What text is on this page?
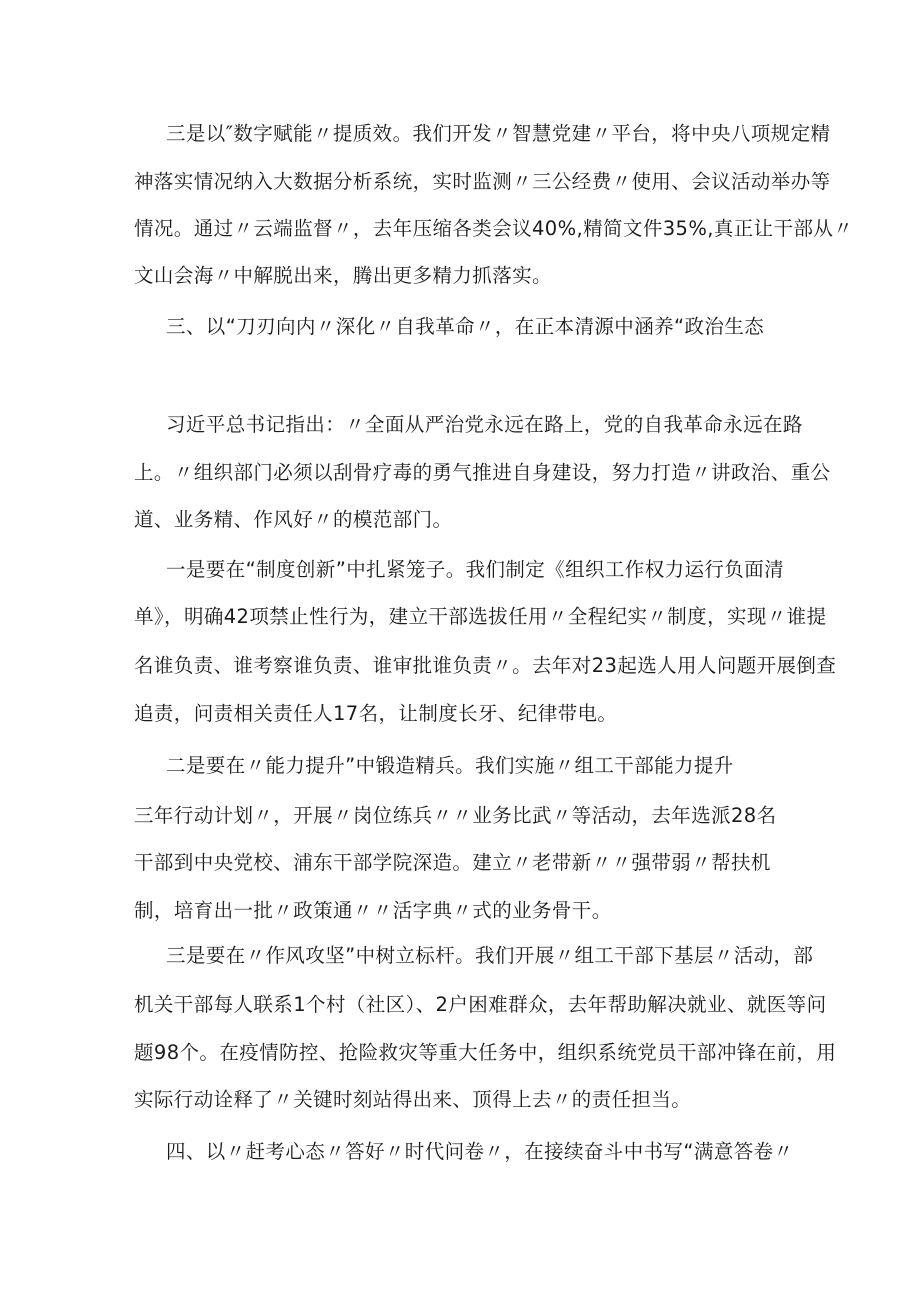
三是以″数字赋能〃提质效。我们开发〃智慧党建〃平台，将中央八项规定精

神落实情况纳入大数据分析系统，实时监测〃三公经费〃使用、会议活动举办等

情况。通过〃云端监督〃，去年压缩各类会议40%,精简文件35%,真正让干部从〃

文山会海〃中解脱出来，腾出更多精力抓落实。

三、以“刀刃向内〃深化〃自我革命〃，在正本清源中涵养“政治生态

习近平总书记指出：〃全面从严治党永远在路上，党的自我革命永远在路

上。〃组织部门必须以刮骨疗毒的勇气推进自身建设，努力打造〃讲政治、重公

道、业务精、作风好〃的模范部门。

一是要在“制度创新”中扎紧笼子。我们制定《组织工作权力运行负面清

单》，明确42项禁止性行为，建立干部选拔任用〃全程纪实〃制度，实现〃谁提

名谁负责、谁考察谁负责、谁审批谁负责〃。去年对23起选人用人问题开展倒查

追责，问责相关责任人17名，让制度长牙、纪律带电。

二是要在〃能力提升”中锻造精兵。我们实施〃组工干部能力提升

三年行动计划〃，开展〃岗位练兵〃〃业务比武〃等活动，去年选派28名

干部到中央党校、浦东干部学院深造。建立〃老带新〃〃强带弱〃帮扶机

制，培育出一批〃政策通〃〃活字典〃式的业务骨干。

三是要在〃作风攻坚”中树立标杆。我们开展〃组工干部下基层〃活动，部

机关干部每人联系1个村（社区）、2户困难群众，去年帮助解决就业、就医等问

题98个。在疫情防控、抢险救灾等重大任务中，组织系统党员干部冲锋在前，用

实际行动诠释了〃关键时刻站得出来、顶得上去〃的责任担当。

四、以〃赶考心态〃答好〃时代问卷〃，在接续奋斗中书写“满意答卷〃
